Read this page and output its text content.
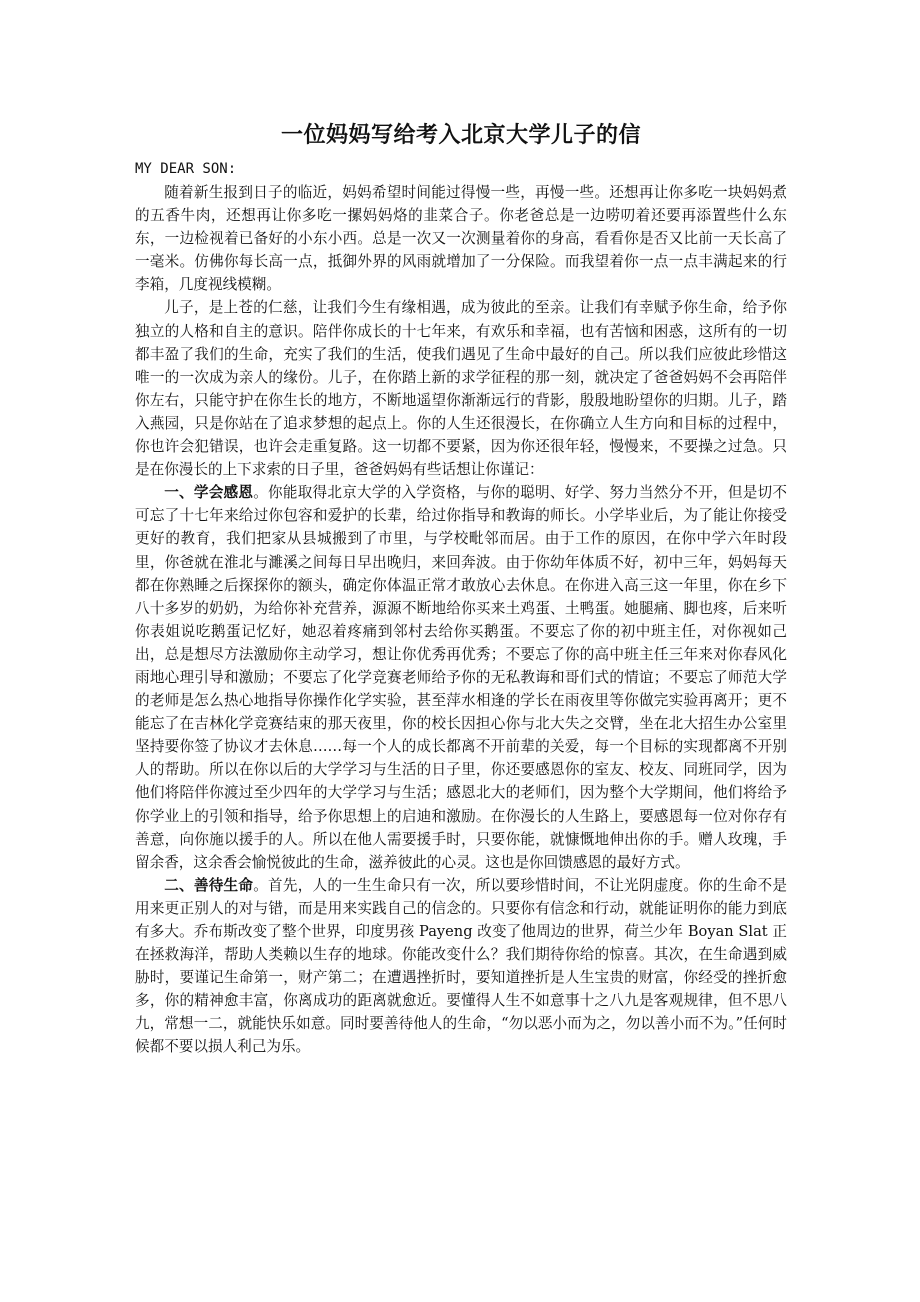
一位妈妈写给考入北京大学儿子的信

MY DEAR SON:

随着新生报到日子的临近，妈妈希望时间能过得慢一些，再慢一些。还想再让你多吃一块妈妈煮的五香牛肉，还想再让你多吃一摞妈妈烙的韭菜合子。你老爸总是一边唠叨着还要再添置些什么东东，一边检视着已备好的小东小西。总是一次又一次测量着你的身高，看看你是否又比前一天长高了一毫米。仿佛你每长高一点，抵御外界的风雨就增加了一分保险。而我望着你一点一点丰满起来的行李箱，几度视线模糊。

儿子，是上苍的仁慈，让我们今生有缘相遇，成为彼此的至亲。让我们有幸赋予你生命，给予你独立的人格和自主的意识。陪伴你成长的十七年来，有欢乐和幸福，也有苦恼和困惑，这所有的一切都丰盈了我们的生命，充实了我们的生活，使我们遇见了生命中最好的自己。所以我们应彼此珍惜这唯一的一次成为亲人的缘份。儿子，在你踏上新的求学征程的那一刻，就决定了爸爸妈妈不会再陪伴你左右，只能守护在你生长的地方，不断地遥望你渐渐远行的背影，殷殷地盼望你的归期。儿子，踏入燕园，只是你站在了追求梦想的起点上。你的人生还很漫长，在你确立人生方向和目标的过程中，你也许会犯错误，也许会走重复路。这一切都不要紧，因为你还很年轻，慢慢来，不要操之过急。只是在你漫长的上下求索的日子里，爸爸妈妈有些话想让你谨记：

一、学会感恩。你能取得北京大学的入学资格，与你的聪明、好学、努力当然分不开，但是切不可忘了十七年来给过你包容和爱护的长辈，给过你指导和教诲的师长。小学毕业后，为了能让你接受更好的教育，我们把家从县城搬到了市里，与学校毗邻而居。由于工作的原因，在你中学六年时段里，你爸就在淮北与濉溪之间每日早出晚归，来回奔波。由于你幼年体质不好，初中三年，妈妈每天都在你熟睡之后探探你的额头，确定你体温正常才敢放心去休息。在你进入高三这一年里，你在乡下八十多岁的奶奶，为给你补充营养，源源不断地给你买来土鸡蛋、土鸭蛋。她腿痛、脚也疼，后来听你表姐说吃鹅蛋记忆好，她忍着疼痛到邻村去给你买鹅蛋。不要忘了你的初中班主任，对你视如己出，总是想尽方法激励你主动学习，想让你优秀再优秀；不要忘了你的高中班主任三年来对你春风化雨地心理引导和激励；不要忘了化学竞赛老师给予你的无私教诲和哥们式的情谊；不要忘了师范大学的老师是怎么热心地指导你操作化学实验，甚至萍水相逢的学长在雨夜里等你做完实验再离开；更不能忘了在吉林化学竞赛结束的那天夜里，你的校长因担心你与北大失之交臂，坐在北大招生办公室里坚持要你签了协议才去休息……每一个人的成长都离不开前辈的关爱，每一个目标的实现都离不开别人的帮助。所以在你以后的大学学习与生活的日子里，你还要感恩你的室友、校友、同班同学，因为他们将陪伴你渡过至少四年的大学学习与生活；感恩北大的老师们，因为整个大学期间，他们将给予你学业上的引领和指导，给予你思想上的启迪和激励。在你漫长的人生路上，要感恩每一位对你存有善意，向你施以援手的人。所以在他人需要援手时，只要你能，就慷慨地伸出你的手。赠人玫瑰，手留余香，这余香会愉悦彼此的生命，滋养彼此的心灵。这也是你回馈感恩的最好方式。

二、善待生命。首先，人的一生生命只有一次，所以要珍惜时间，不让光阴虚度。你的生命不是用来更正别人的对与错，而是用来实践自己的信念的。只要你有信念和行动，就能证明你的能力到底有多大。乔布斯改变了整个世界，印度男孩 Payeng 改变了他周边的世界，荷兰少年 Boyan Slat 正在拯救海洋，帮助人类赖以生存的地球。你能改变什么？我们期待你给的惊喜。其次，在生命遇到威胁时，要谨记生命第一，财产第二；在遭遇挫折时，要知道挫折是人生宝贵的财富，你经受的挫折愈多，你的精神愈丰富，你离成功的距离就愈近。要懂得人生不如意事十之八九是客观规律，但不思八九，常想一二，就能快乐如意。同时要善待他人的生命，“勿以恶小而为之，勿以善小而不为。”任何时候都不要以损人利己为乐。
